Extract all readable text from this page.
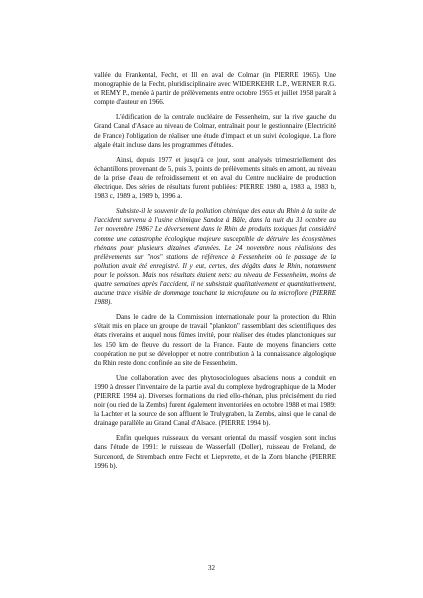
vallée du Frankental, Fecht, et Ill en aval de Colmar (in PIERRE 1965). Une monographie de la Fecht, pluridisciplinaire avec WIDERKEHR L.P., WERNER R.G. et REMY P., menée à partir de prélèvements entre octobre 1955 et juillet 1958 paraît à compte d'auteur en 1966.

L'édification de la centrale nucléaire de Fessenheim, sur la rive gauche du Grand Canal d'Asace au niveau de Colmar, entraînait pour le gestionnaire (Electricité de France) l'obligation de réaliser une étude d'impact et un suivi écologique. La flore algale était incluse dans les programmes d'études.

Ainsi, depuis 1977 et jusqu'à ce jour, sont analysés trimestriellement des échantillons provenant de 5, puis 3, points de prélèvements situés en amont, au niveau de la prise d'eau de refroidissement et en aval du Centre nucléaire de production électrique. Des séries de résultats furent publiées: PIERRE 1980 a, 1983 a, 1983 b, 1983 c, 1989 a, 1989 b, 1996 a.

Subsiste-il le souvenir de la pollution chimique des eaux du Rhin à la suite de l'accident survenu à l'usine chimique Sandoz à Bâle, dans la nuit du 31 octobre au 1er novembre 1986? Le déversement dans le Rhin de produits toxiques fut considéré comme une catastrophe écologique majeure susceptible de détruire les écosystèmes rhénans pour plusieurs dizaines d'années. Le 24 novembre nous réalisions des prélèvements sur "nos" stations de référence à Fessenheim où le passage de la pollution avait été enregistré. Il y eut, certes, des dégâts dans le Rhin, notamment pour le poisson. Mais nos résultats étaient nets: au niveau de Fessenheim, moins de quatre semaines après l'accident, il ne subsistait qualitativement et quantitativement, aucune trace visible de dommage touchant la microfaune ou la microflore (PIERRE 1988).

Dans le cadre de la Commission internationale pour la protection du Rhin s'était mis en place un groupe de travail "plankton" rassemblant des scientifiques des états riverains et auquel nous fûmes invité, pour réaliser des études planctoniques sur les 150 km de fleuve du ressort de la France. Faute de moyens financiers cette coopération ne put se développer et notre contribution à la connaissance algologique du Rhin reste donc confinée au site de Fessenheim.

Une collaboration avec des phytosociologues alsaciens nous a conduit en 1990 à dresser l'inventaire de la partie aval du complexe hydrographique de la Moder (PIERRE 1994 a). Diverses formations du ried ello-rhénan, plus précisément du ried noir (ou ried de la Zembs) furent également inventoriées en octobre 1988 et mai 1989: la Lachter et la source de son affluent le Trulygraben, la Zembs, ainsi que le canal de drainage parallèle au Grand Canal d'Alsace. (PIERRE 1994 b).

Enfin quelques ruisseaux du versant oriental du massif vosgien sont inclus dans l'étude de 1991: le ruisseau de Wasserfall (Doller), ruisseau de Freland, de Surcenord, de Strembach entre Fecht et Liepvrette, et de la Zorn blanche (PIERRE 1996 b).

32
